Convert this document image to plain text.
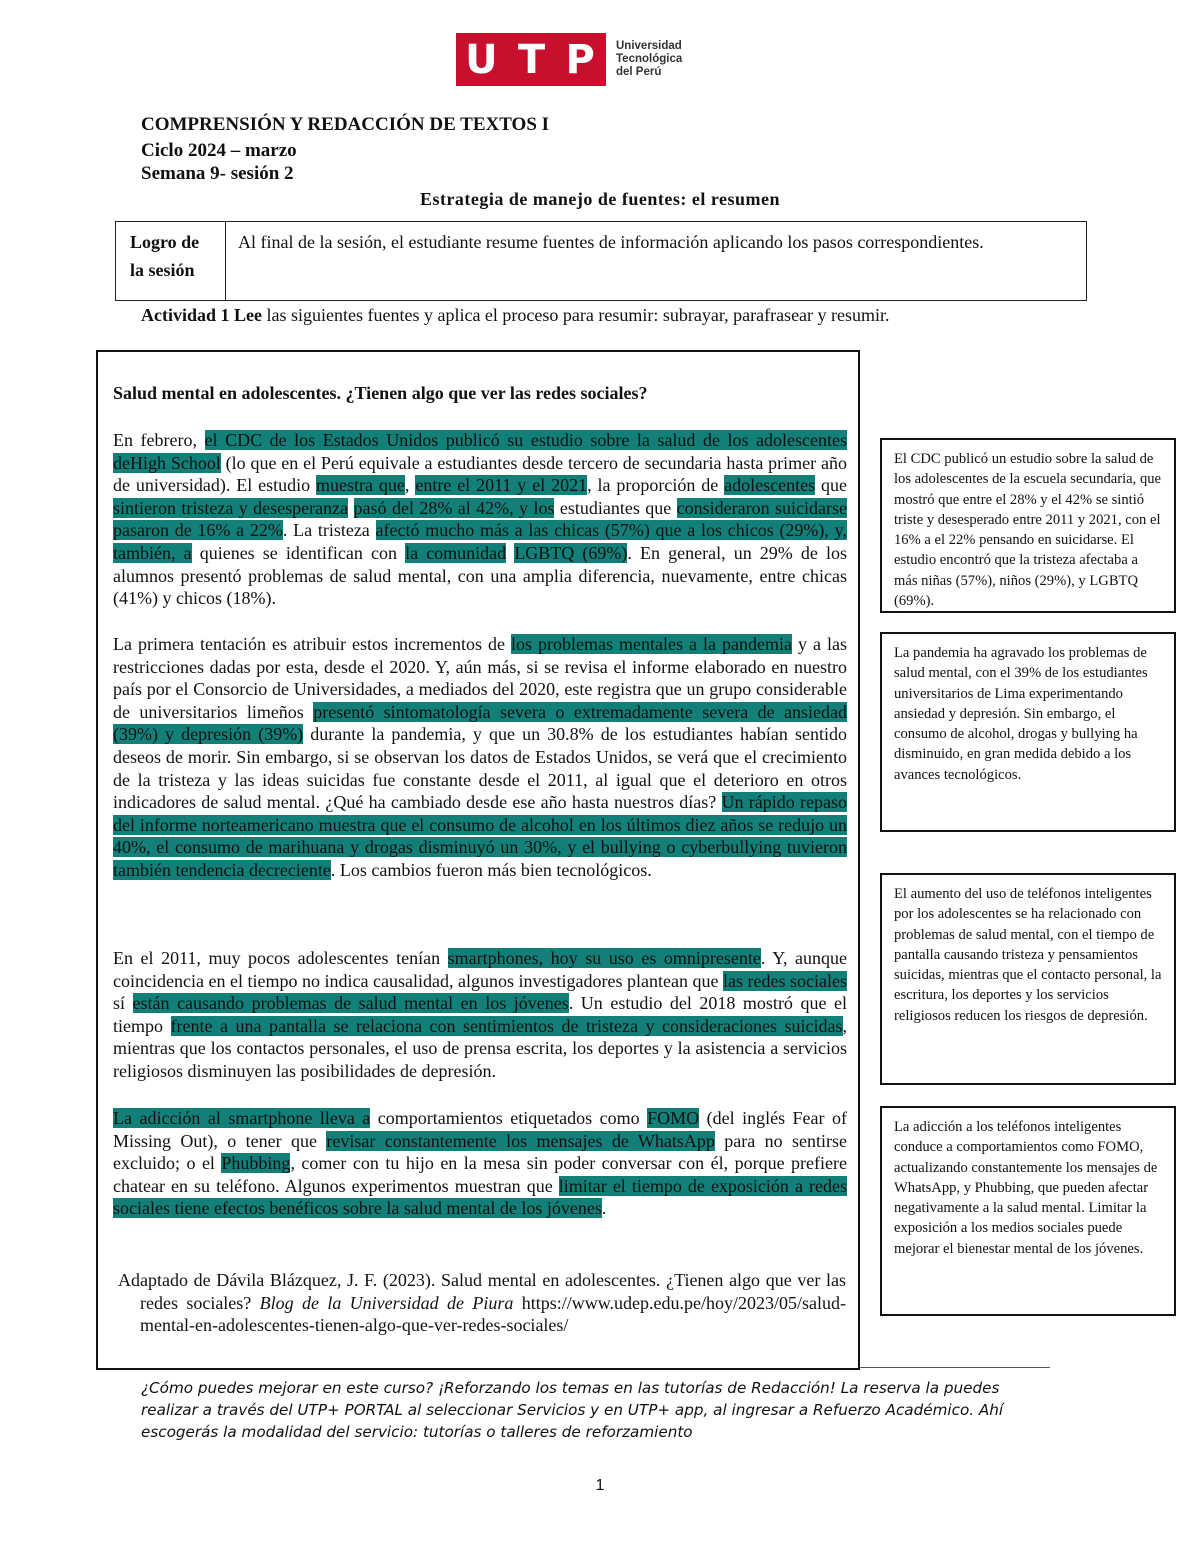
U T P Universidad
Tecnológica
del Perú
COMPRENSIÓN Y REDACCIÓN DE TEXTOS I
Ciclo 2024 – marzo
Semana 9- sesión 2
Estrategia de manejo de fuentes: el resumen
Logro de la sesión
Al final de la sesión, el estudiante resume fuentes de información aplicando los pasos correspondientes.
Actividad 1 Lee las siguientes fuentes y aplica el proceso para resumir: subrayar, parafrasear y resumir.
Salud mental en adolescentes. ¿Tienen algo que ver las redes sociales?
En febrero, el CDC de los Estados Unidos publicó su estudio sobre la salud de los adolescentes deHigh School (lo que en el Perú equivale a estudiantes desde tercero de secundaria hasta primer año de universidad). El estudio muestra que, entre el 2011 y el 2021, la proporción de adolescentes que sintieron tristeza y desesperanza pasó del 28% al 42%, y los estudiantes que consideraron suicidarse pasaron de 16% a 22%. La tristeza afectó mucho más a las chicas (57%) que a los chicos (29%), y, también, a quienes se identifican con la comunidad LGBTQ (69%). En general, un 29% de los alumnos presentó problemas de salud mental, con una amplia diferencia, nuevamente, entre chicas (41%) y chicos (18%).
La primera tentación es atribuir estos incrementos de los problemas mentales a la pandemia y a las restricciones dadas por esta, desde el 2020. Y, aún más, si se revisa el informe elaborado en nuestro país por el Consorcio de Universidades, a mediados del 2020, este registra que un grupo considerable de universitarios limeños presentó sintomatología severa o extremadamente severa de ansiedad (39%) y depresión (39%) durante la pandemia, y que un 30.8% de los estudiantes habían sentido deseos de morir. Sin embargo, si se observan los datos de Estados Unidos, se verá que el crecimiento de la tristeza y las ideas suicidas fue constante desde el 2011, al igual que el deterioro en otros indicadores de salud mental. ¿Qué ha cambiado desde ese año hasta nuestros días? Un rápido repaso del informe norteamericano muestra que el consumo de alcohol en los últimos diez años se redujo un 40%, el consumo de marihuana y drogas disminuyó un 30%, y el bullying o cyberbullying tuvieron también tendencia decreciente. Los cambios fueron más bien tecnológicos.
En el 2011, muy pocos adolescentes tenían smartphones, hoy su uso es omnipresente. Y, aunque coincidencia en el tiempo no indica causalidad, algunos investigadores plantean que las redes sociales sí están causando problemas de salud mental en los jóvenes. Un estudio del 2018 mostró que el tiempo frente a una pantalla se relaciona con sentimientos de tristeza y consideraciones suicidas, mientras que los contactos personales, el uso de prensa escrita, los deportes y la asistencia a servicios religiosos disminuyen las posibilidades de depresión.
La adicción al smartphone lleva a comportamientos etiquetados como FOMO (del inglés Fear of Missing Out), o tener que revisar constantemente los mensajes de WhatsApp para no sentirse excluido; o el Phubbing, comer con tu hijo en la mesa sin poder conversar con él, porque prefiere chatear en su teléfono. Algunos experimentos muestran que limitar el tiempo de exposición a redes sociales tiene efectos benéficos sobre la salud mental de los jóvenes.
Adaptado de Dávila Blázquez, J. F. (2023). Salud mental en adolescentes. ¿Tienen algo que ver las redes sociales? Blog de la Universidad de Piura https://www.udep.edu.pe/hoy/2023/05/salud-mental-en-adolescentes-tienen-algo-que-ver-redes-sociales/
El CDC publicó un estudio sobre la salud de los adolescentes de la escuela secundaria, que mostró que entre el 28% y el 42% se sintió triste y desesperado entre 2011 y 2021, con el 16% a el 22% pensando en suicidarse. El estudio encontró que la tristeza afectaba a más niñas (57%), niños (29%), y LGBTQ (69%).
La pandemia ha agravado los problemas de salud mental, con el 39% de los estudiantes universitarios de Lima experimentando ansiedad y depresión. Sin embargo, el consumo de alcohol, drogas y bullying ha disminuido, en gran medida debido a los avances tecnológicos.
El aumento del uso de teléfonos inteligentes por los adolescentes se ha relacionado con problemas de salud mental, con el tiempo de pantalla causando tristeza y pensamientos suicidas, mientras que el contacto personal, la escritura, los deportes y los servicios religiosos reducen los riesgos de depresión.
La adicción a los teléfonos inteligentes conduce a comportamientos como FOMO, actualizando constantemente los mensajes de WhatsApp, y Phubbing, que pueden afectar negativamente a la salud mental. Limitar la exposición a los medios sociales puede mejorar el bienestar mental de los jóvenes.
¿Cómo puedes mejorar en este curso? ¡Reforzando los temas en las tutorías de Redacción! La reserva la puedes realizar a través del UTP+ PORTAL al seleccionar Servicios y en UTP+ app, al ingresar a Refuerzo Académico. Ahí escogerás la modalidad del servicio: tutorías o talleres de reforzamiento
1
